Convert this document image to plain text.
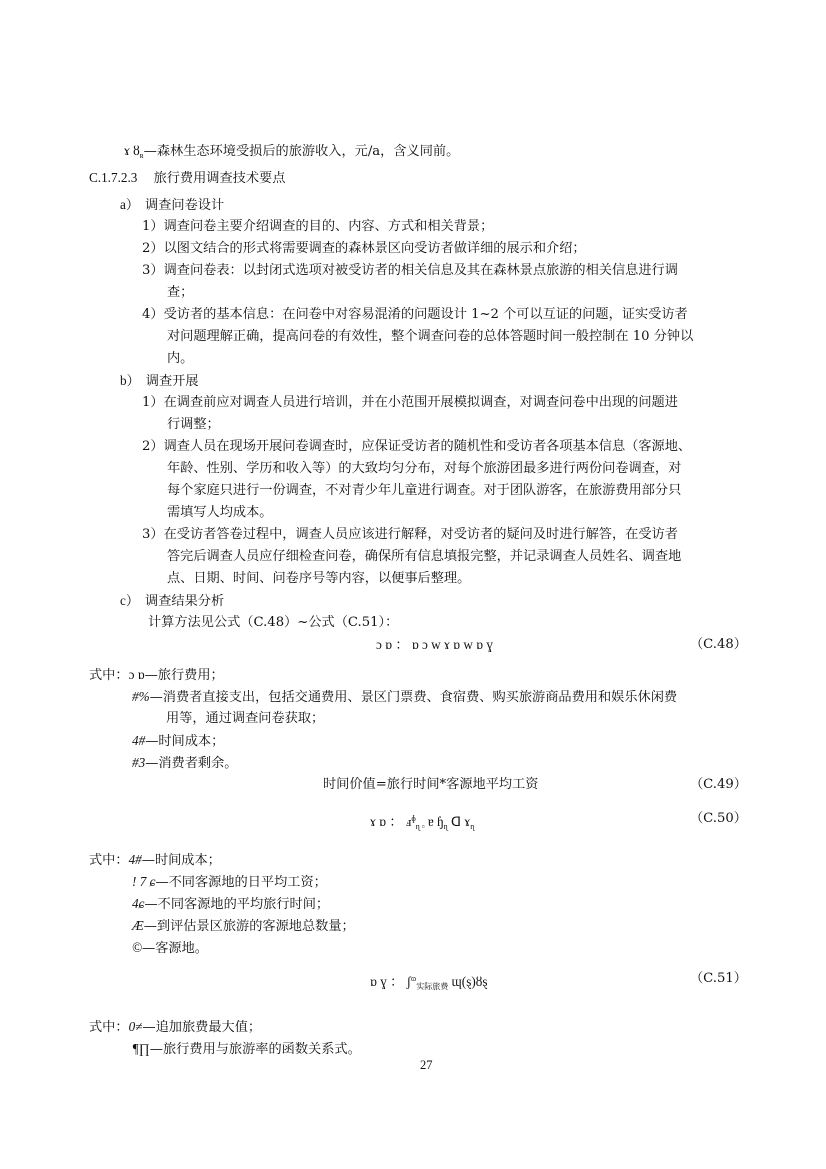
ɤ $ȣ_ʀ—$森林生态环境受损后的旅游收入，元/a，含义同前。
C.1.7.2.3 旅行费用调查技术要点
a） 调查问卷设计
1）调查问卷主要介绍调查的目的、内容、方式和相关背景；
2）以图文结合的形式将需要调查的森林景区向受访者做详细的展示和介绍；
3）调查问卷表：以封闭式选项对被受访者的相关信息及其在森林景点旅游的相关信息进行调
查；
4）受访者的基本信息：在问卷中对容易混淆的问题设计 1~2 个可以互证的问题，证实受访者
对问题理解正确，提高问卷的有效性，整个调查问卷的总体答题时间一般控制在 10 分钟以
内。
b） 调查开展
1）在调查前应对调查人员进行培训，并在小范围开展模拟调查，对调查问卷中出现的问题进
行调整；
2）调查人员在现场开展问卷调查时，应保证受访者的随机性和受访者各项基本信息（客源地、
年龄、性别、学历和收入等）的大致均匀分布，对每个旅游团最多进行两份问卷调查，对
每个家庭只进行一份调查，不对青少年儿童进行调查。对于团队游客，在旅游费用部分只
需填写人均成本。
3）在受访者答卷过程中，调查人员应该进行解释，对受访者的疑问及时进行解答，在受访者
答完后调查人员应仔细检查问卷，确保所有信息填报完整，并记录调查人员姓名、调查地
点、日期、时间、问卷序号等内容，以便事后整理。
c） 调查结果分析
计算方法见公式（C.48）~公式（C.51）：
ɔ ɒ ： ɒ ɔ w ɤ ɒ w ɒ ɣ	（C.48）
式中：ɔ ɒ—旅行费用；
#%—消费者直接支出，包括交通费用、景区门票费、食宿费、购买旅游商品费用和娱乐休闲费
用等，通过调查问卷获取；
4#—时间成本；
#3—消费者剩余。
时间价值=旅行时间*客源地平均工资	（C.49）
ɤ ɒ ： ⅎ$^ɸ_{ɳ ▫}$ ɐ ɧ$_ɳ$ ᗡ ɤ$_ɳ$
（C.50）
式中：4#—时间成本；
! 7 ɕ—不同客源地的日平均工资；
4ɕ—不同客源地的平均旅行时间；
Æ—到评估景区旅游的客源地总数量；
©—客源地。
ɒ ɣ ： ʃ$^ɷ_{实际旅费}$ ɰ(ȿ)ȣȿ	（C.51）
式中：0≠—追加旅费最大值；
¶∏—旅行费用与旅游率的函数关系式。
27
